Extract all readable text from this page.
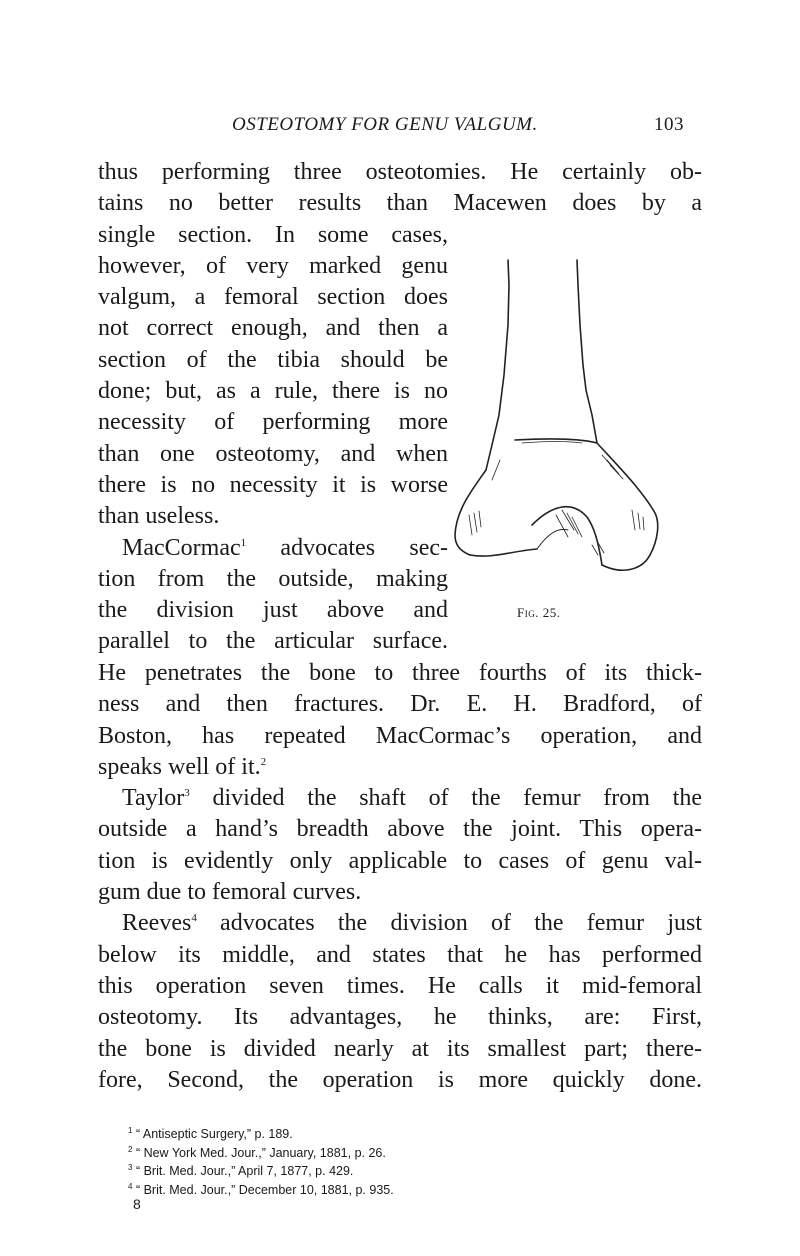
OSTEOTOMY FOR GENU VALGUM.	103
thus performing three osteotomies. He certainly ob-
tains no better results than Macewen does by a
single section. In some cases,
however, of very marked genu
valgum, a femoral section does
not correct enough, and then a
section of the tibia should be
done; but, as a rule, there is no
necessity of performing more
than one osteotomy, and when
there is no necessity it is worse
than useless.
MacCormac$^1$ advocates sec-
tion from the outside, making
the division just above and
parallel to the articular surface.
Fig. 25.
He penetrates the bone to three fourths of its thick-
ness and then fractures. Dr. E. H. Bradford, of
Boston, has repeated MacCormac’s operation, and
speaks well of it.$^2$
Taylor$^3$ divided the shaft of the femur from the
outside a hand’s breadth above the joint. This opera-
tion is evidently only applicable to cases of genu val-
gum due to femoral curves.
Reeves$^4$ advocates the division of the femur just
below its middle, and states that he has performed
this operation seven times. He calls it mid-femoral
osteotomy. Its advantages, he thinks, are: First,
the bone is divided nearly at its smallest part; there-
fore, Second, the operation is more quickly done.
$^1$ “ Antiseptic Surgery,” p. 189.
$^2$ “ New York Med. Jour.,” January, 1881, p. 26.
$^3$ “ Brit. Med. Jour.,” April 7, 1877, p. 429.
$^4$ “ Brit. Med. Jour.,” December 10, 1881, p. 935.
8
